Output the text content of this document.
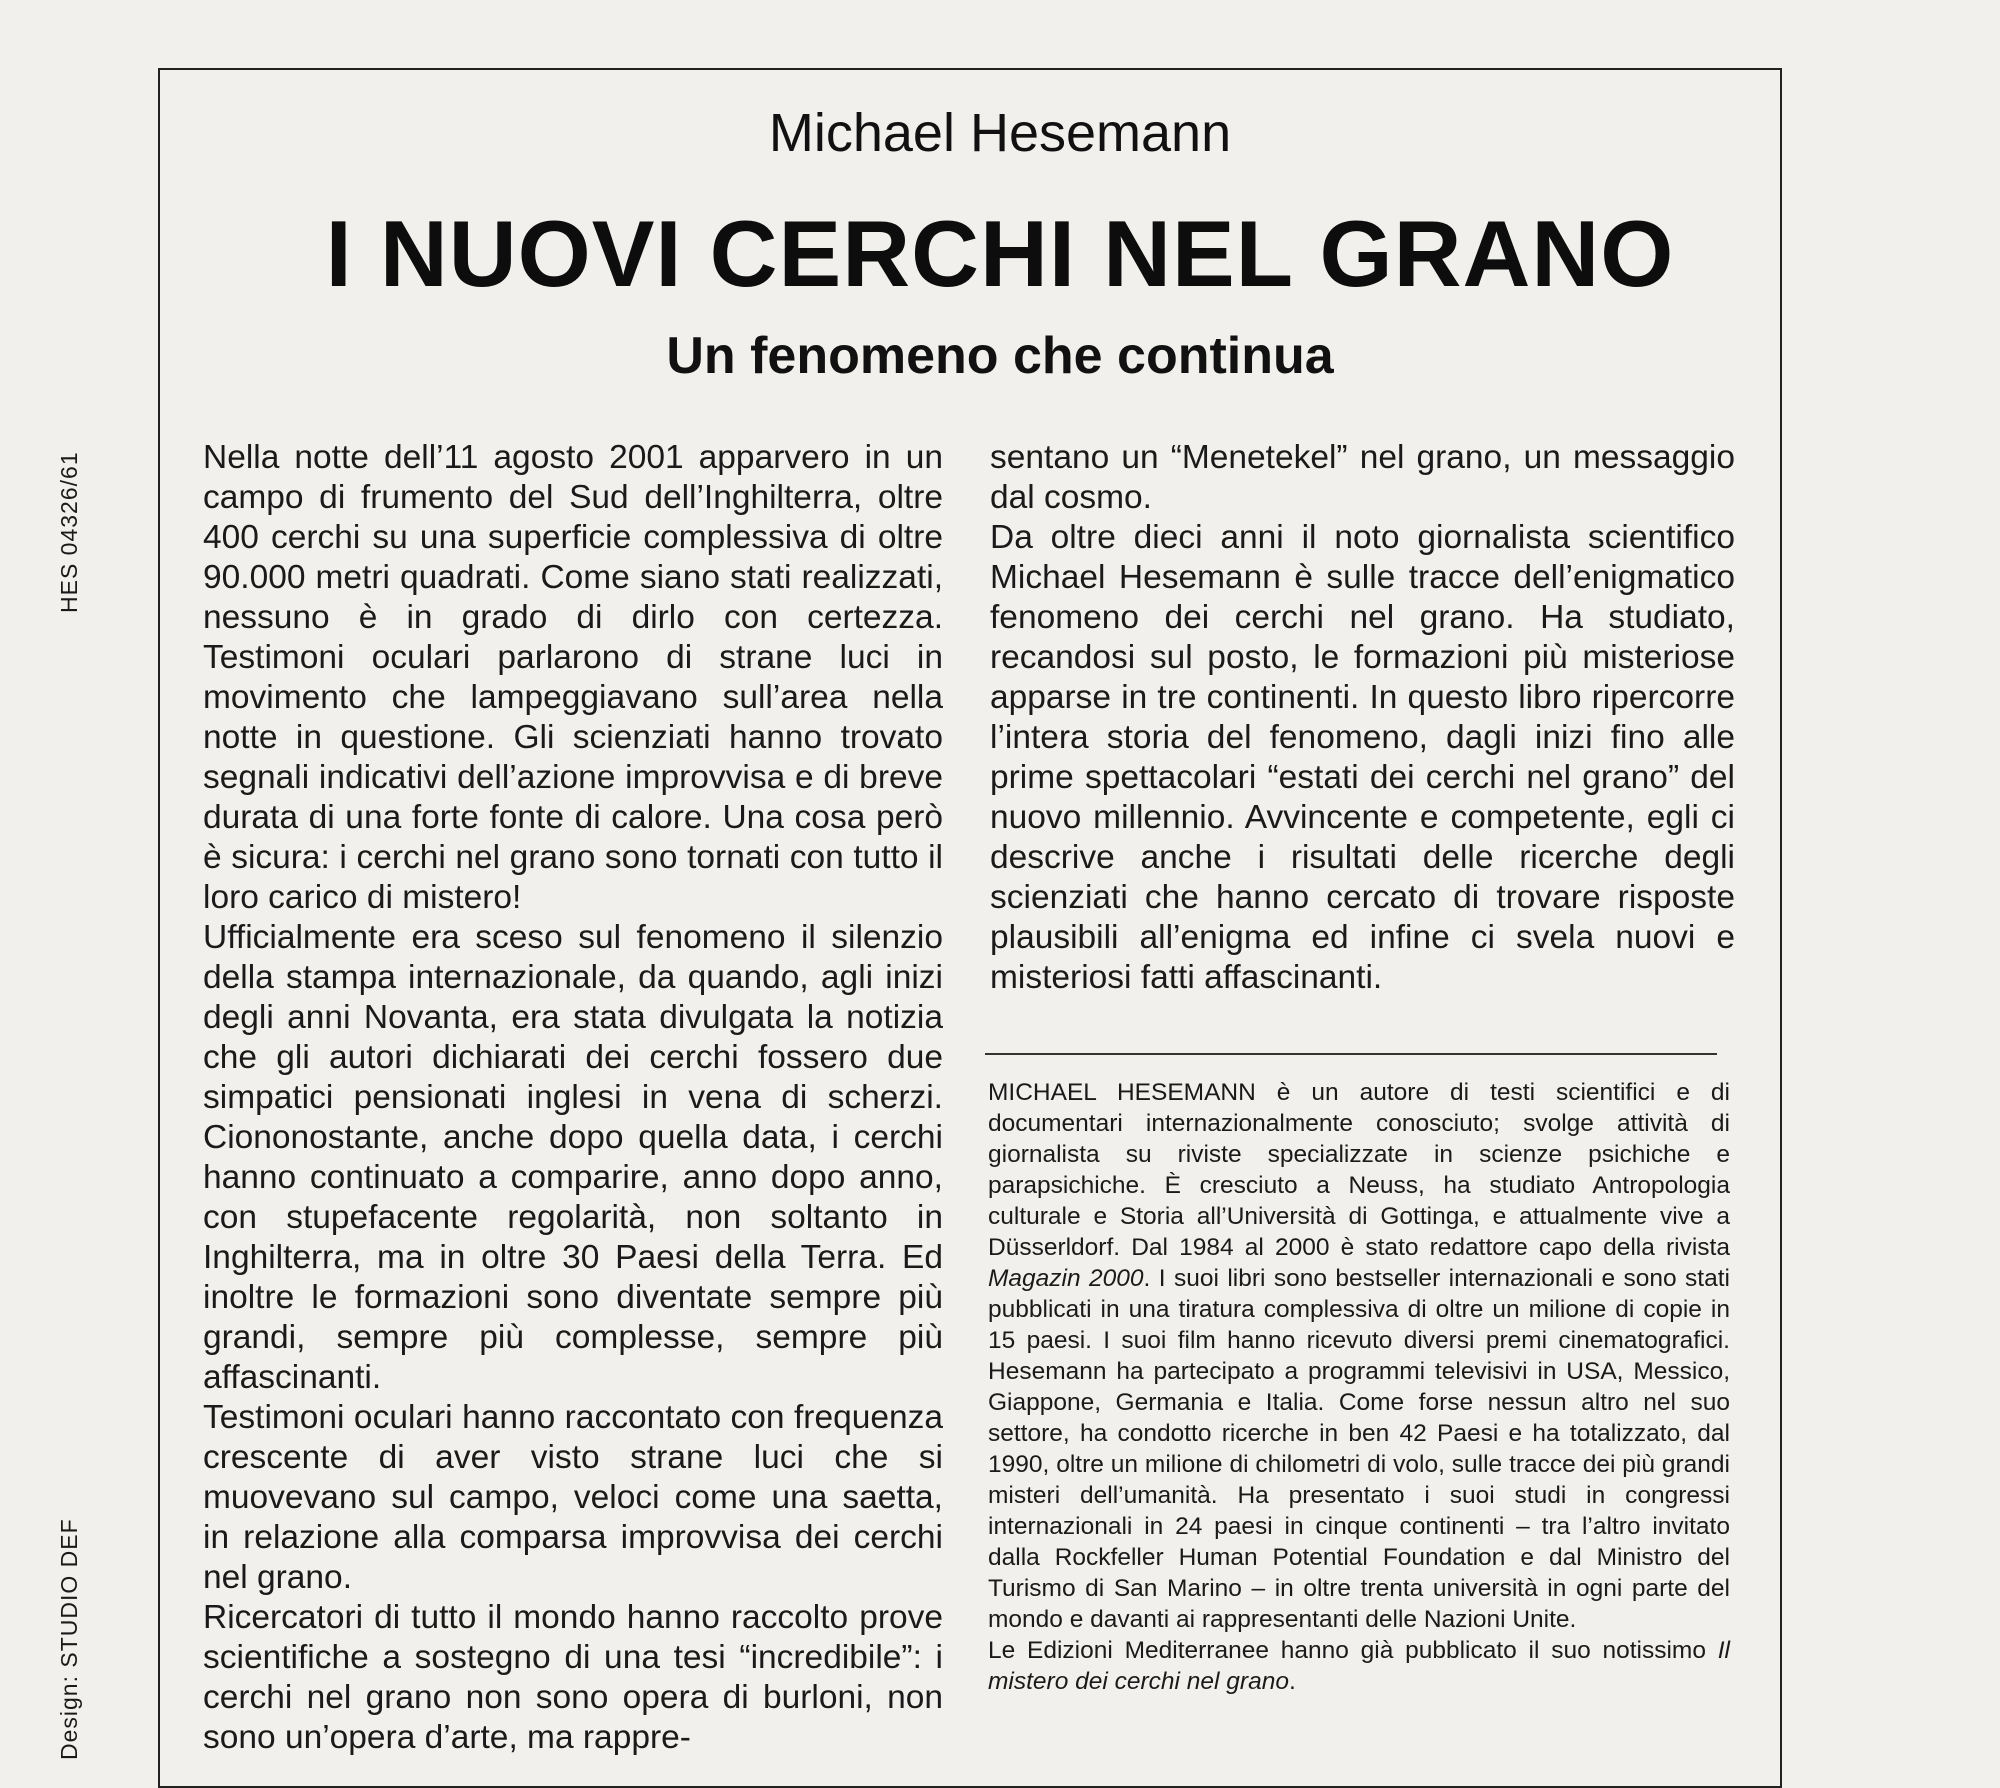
HES 04326/61
Design: STUDIO DEF
Michael Hesemann
I NUOVI CERCHI NEL GRANO
Un fenomeno che continua

Nella notte dell’11 agosto 2001 apparvero in un campo di frumento del Sud dell’Inghilterra, oltre 400 cerchi su una superficie complessiva di oltre 90.000 metri quadrati. Come siano stati realizzati, nessuno è in grado di dirlo con certezza. Testimoni oculari parlarono di strane luci in movimento che lampeggiavano sull’area nella notte in questione. Gli scienziati hanno trovato segnali indicativi dell’azione improvvisa e di breve durata di una forte fonte di calore. Una cosa però è sicura: i cerchi nel grano sono tornati con tutto il loro carico di mistero!

Ufficialmente era sceso sul fenomeno il silenzio della stampa internazionale, da quando, agli inizi degli anni Novanta, era stata divulgata la notizia che gli autori dichiarati dei cerchi fossero due simpatici pensionati inglesi in vena di scherzi. Ciononostante, anche dopo quella data, i cerchi hanno continuato a comparire, anno dopo anno, con stupefacente regolarità, non soltanto in Inghilterra, ma in oltre 30 Paesi della Terra. Ed inoltre le formazioni sono diventate sempre più grandi, sempre più complesse, sempre più affascinanti.

Testimoni oculari hanno raccontato con frequenza crescente di aver visto strane luci che si muovevano sul campo, veloci come una saetta, in relazione alla comparsa improvvisa dei cerchi nel grano.

Ricercatori di tutto il mondo hanno raccolto prove scientifiche a sostegno di una tesi “incredibile”: i cerchi nel grano non sono opera di burloni, non sono un’opera d’arte, ma rappre-

sentano un “Menetekel” nel grano, un messaggio dal cosmo.

Da oltre dieci anni il noto giornalista scientifico Michael Hesemann è sulle tracce dell’enigmatico fenomeno dei cerchi nel grano. Ha studiato, recandosi sul posto, le formazioni più misteriose apparse in tre continenti. In questo libro ripercorre l’intera storia del fenomeno, dagli inizi fino alle prime spettacolari “estati dei cerchi nel grano” del nuovo millennio. Avvincente e competente, egli ci descrive anche i risultati delle ricerche degli scienziati che hanno cercato di trovare risposte plausibili all’enigma ed infine ci svela nuovi e misteriosi fatti affascinanti.

MICHAEL HESEMANN è un autore di testi scientifici e di documentari internazionalmente conosciuto; svolge attività di giornalista su riviste specializzate in scienze psichiche e parapsichiche. È cresciuto a Neuss, ha studiato Antropologia culturale e Storia all’Università di Gottinga, e attualmente vive a Düsserldorf. Dal 1984 al 2000 è stato redattore capo della rivista Magazin 2000. I suoi libri sono bestseller internazionali e sono stati pubblicati in una tiratura complessiva di oltre un milione di copie in 15 paesi. I suoi film hanno ricevuto diversi premi cinematografici. Hesemann ha partecipato a programmi televisivi in USA, Messico, Giappone, Germania e Italia. Come forse nessun altro nel suo settore, ha condotto ricerche in ben 42 Paesi e ha totalizzato, dal 1990, oltre un milione di chilometri di volo, sulle tracce dei più grandi misteri dell’umanità. Ha presentato i suoi studi in congressi internazionali in 24 paesi in cinque continenti – tra l’altro invitato dalla Rockfeller Human Potential Foundation e dal Ministro del Turismo di San Marino – in oltre trenta università in ogni parte del mondo e davanti ai rappresentanti delle Nazioni Unite.

Le Edizioni Mediterranee hanno già pubblicato il suo notissimo Il mistero dei cerchi nel grano.
